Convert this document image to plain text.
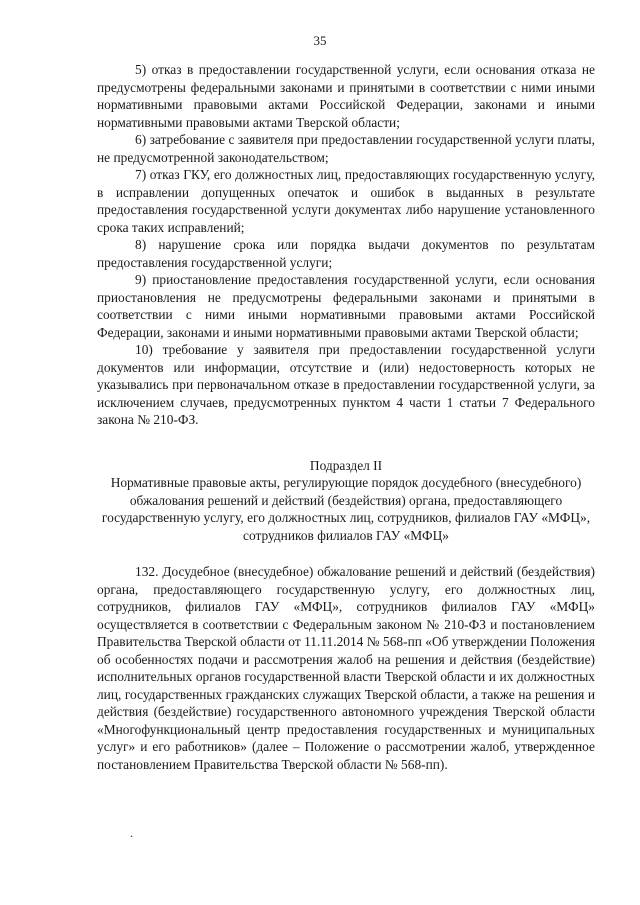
35

5) отказ в предоставлении государственной услуги, если основания отказа не предусмотрены федеральными законами и принятыми в соответствии с ними иными нормативными правовыми актами Российской Федерации, законами и иными нормативными правовыми актами Тверской области;

6) затребование с заявителя при предоставлении государственной услуги платы, не предусмотренной законодательством;

7) отказ ГКУ, его должностных лиц, предоставляющих государственную услугу, в исправлении допущенных опечаток и ошибок в выданных в результате предоставления государственной услуги документах либо нарушение установленного срока таких исправлений;

8) нарушение срока или порядка выдачи документов по результатам предоставления государственной услуги;

9) приостановление предоставления государственной услуги, если основания приостановления не предусмотрены федеральными законами и принятыми в соответствии с ними иными нормативными правовыми актами Российской Федерации, законами и иными нормативными правовыми актами Тверской области;

10) требование у заявителя при предоставлении государственной услуги документов или информации, отсутствие и (или) недостоверность которых не указывались при первоначальном отказе в предоставлении государственной услуги, за исключением случаев, предусмотренных пунктом 4 части 1 статьи 7 Федерального закона № 210-ФЗ.

Подраздел II

Нормативные правовые акты, регулирующие порядок досудебного (внесудебного) обжалования решений и действий (бездействия) органа, предоставляющего государственную услугу, его должностных лиц, сотрудников, филиалов ГАУ «МФЦ», сотрудников филиалов ГАУ «МФЦ»

132. Досудебное (внесудебное) обжалование решений и действий (бездействия) органа, предоставляющего государственную услугу, его должностных лиц, сотрудников, филиалов ГАУ «МФЦ», сотрудников филиалов ГАУ «МФЦ» осуществляется в соответствии с Федеральным законом № 210-ФЗ и постановлением Правительства Тверской области от 11.11.2014 № 568-пп «Об утверждении Положения об особенностях подачи и рассмотрения жалоб на решения и действия (бездействие) исполнительных органов государственной власти Тверской области и их должностных лиц, государственных гражданских служащих Тверской области, а также на решения и действия (бездействие) государственного автономного учреждения Тверской области «Многофункциональный центр предоставления государственных и муниципальных услуг» и его работников» (далее – Положение о рассмотрении жалоб, утвержденное постановлением Правительства Тверской области № 568-пп).

.
